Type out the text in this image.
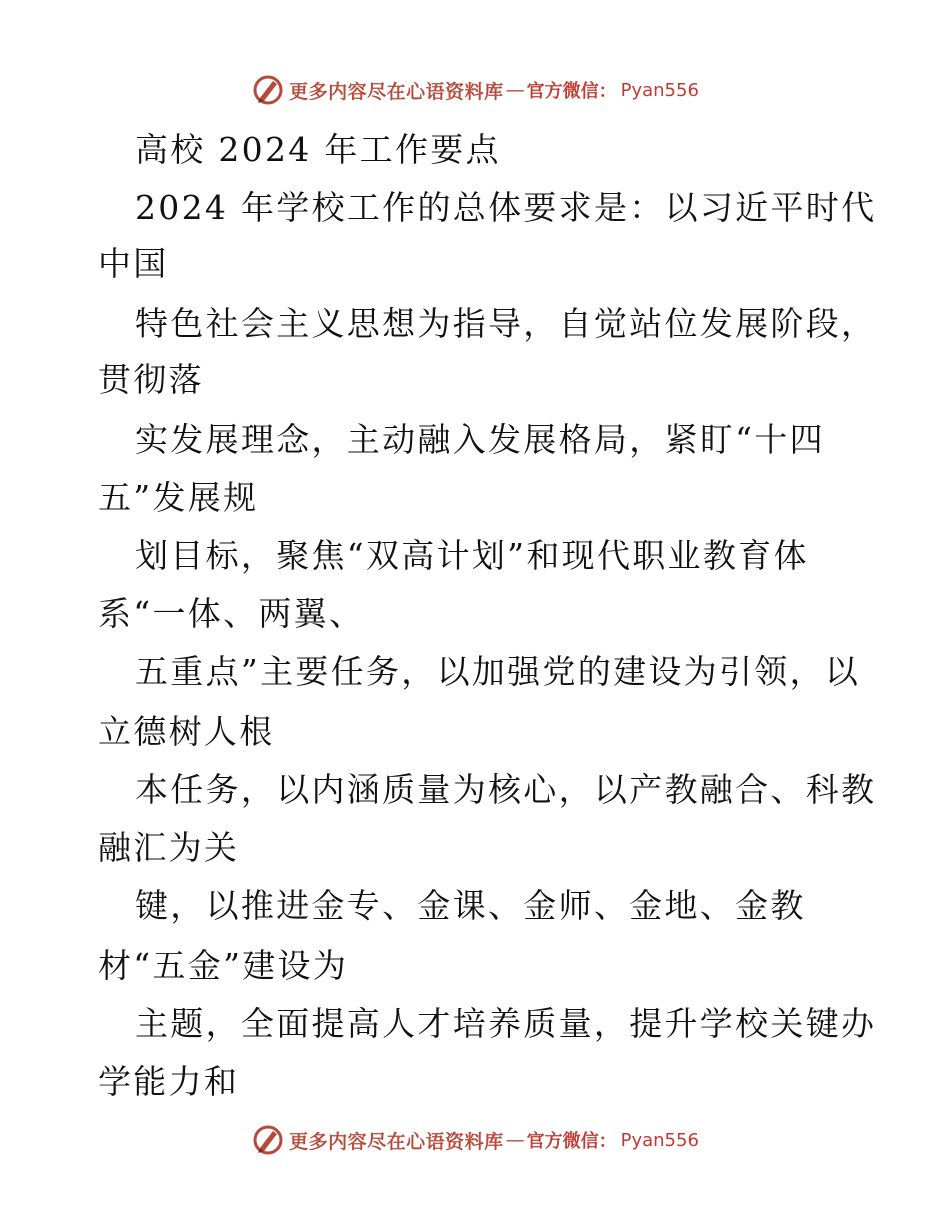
更多内容尽在心语资料库 — 官方微信： Pyan556
高校 2024 年工作要点
2024 年学校工作的总体要求是：以习近平时代
中国
特色社会主义思想为指导，自觉站位发展阶段，
贯彻落
实发展理念，主动融入发展格局，紧盯“十四
五”发展规
划目标，聚焦“双高计划”和现代职业教育体
系“一体、两翼、
五重点”主要任务，以加强党的建设为引领，以
立德树人根
本任务，以内涵质量为核心，以产教融合、科教
融汇为关
键，以推进金专、金课、金师、金地、金教
材“五金”建设为
主题，全面提高人才培养质量，提升学校关键办
学能力和
更多内容尽在心语资料库 — 官方微信： Pyan556
